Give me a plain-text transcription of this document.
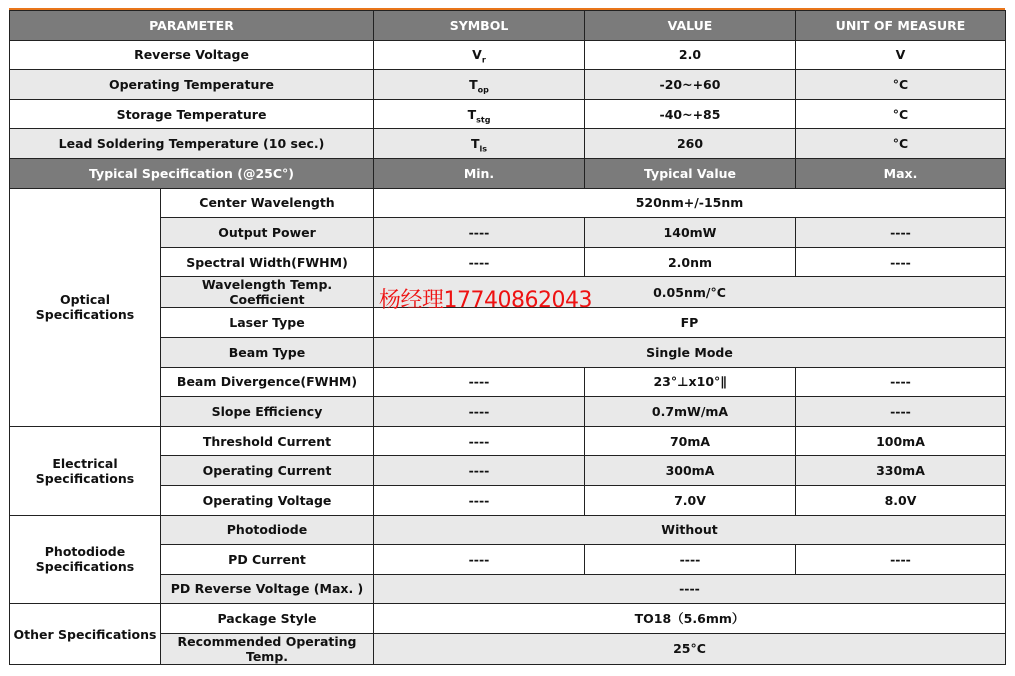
PARAMETER		SYMBOL	VALUE	UNIT OF MEASURE
Reverse Voltage		$V_r$	2.0	V
Operating Temperature		$T_{op}$	-20~+60	°C
Storage Temperature		$T_{stg}$	-40~+85	°C
Lead Soldering Temperature (10 sec.)		$T_{ls}$	260	°C
Typical Specification (@25C°)		Min.	Typical Value	Max.
Optical Specifications	Center Wavelength	520nm+/-15nm		
	Output Power	----	140mW	----
	Spectral Width(FWHM)	----	2.0nm	----
	Wavelength Temp. Coefficient	0.05nm/°C		
	Laser Type	FP		
	Beam Type	Single Mode		
	Beam Divergence(FWHM)	----	23°⊥x10°∥	----
	Slope Efficiency	----	0.7mW/mA	----
Electrical Specifications	Threshold Current	----	70mA	100mA
	Operating Current	----	300mA	330mA
	Operating Voltage	----	7.0V	8.0V
Photodiode Specifications	Photodiode	Without		
	PD Current	----	----	----
	PD Reverse Voltage (Max. )	----		
Other Specifications	Package Style	TO18（5.6mm）		
	Recommended Operating Temp.	25°C		
杨经理17740862043
